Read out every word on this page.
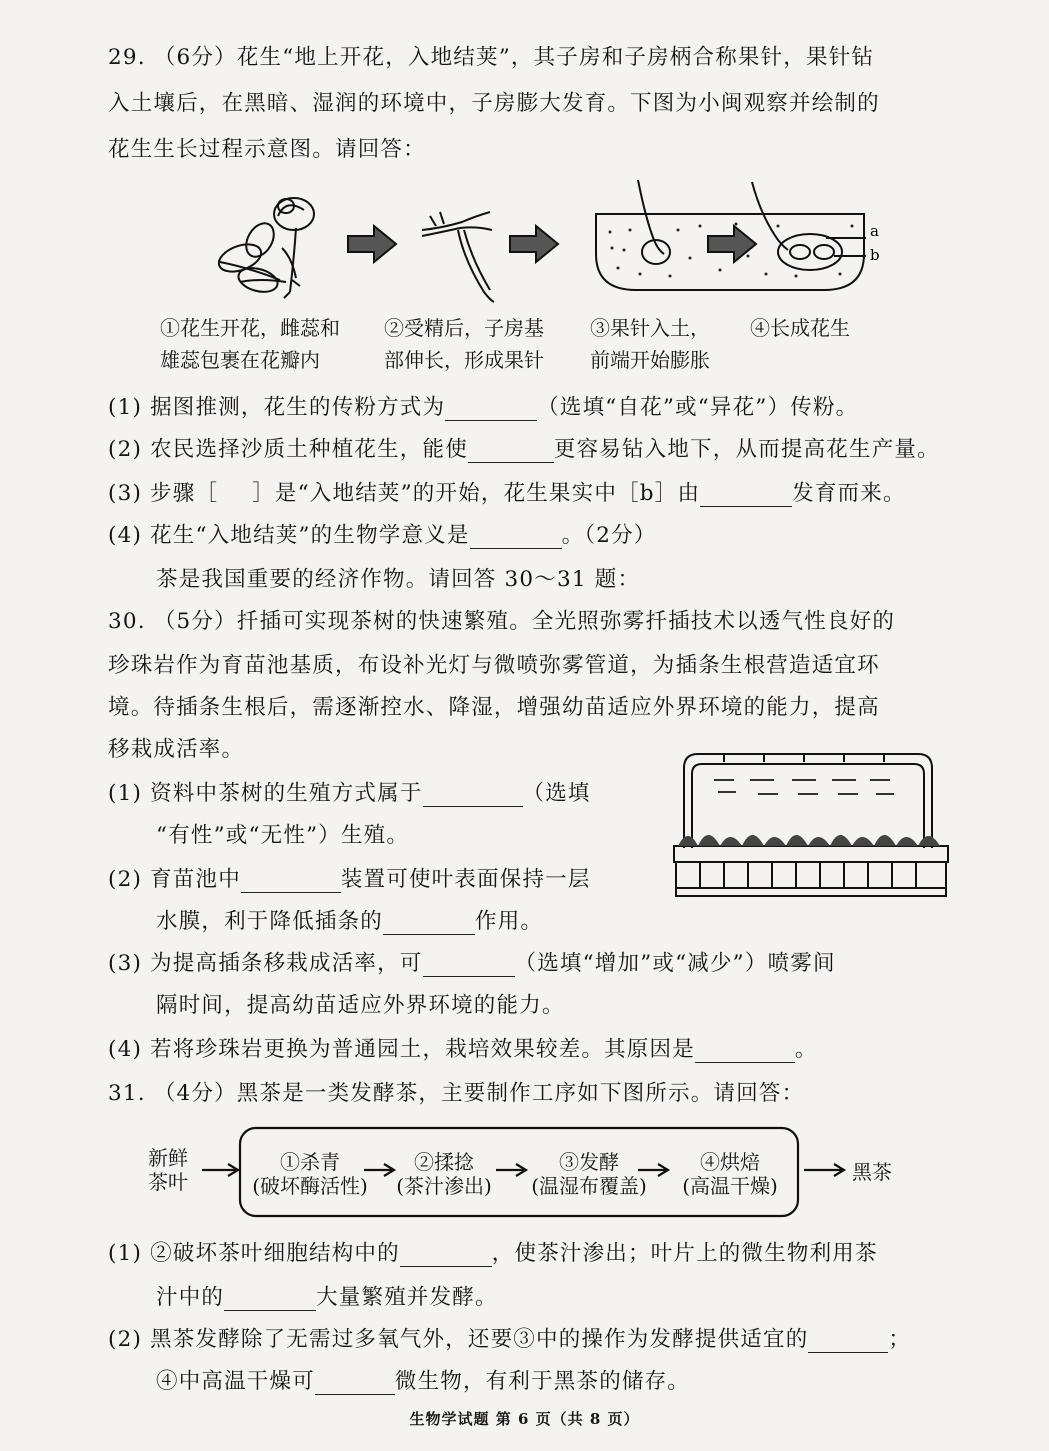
29. （6分）花生“地上开花，入地结荚”，其子房和子房柄合称果针，果针钻
入土壤后，在黑暗、湿润的环境中，子房膨大发育。下图为小闽观察并绘制的
花生生长过程示意图。请回答：
a
b
①花生开花，雌蕊和
雄蕊包裹在花瓣内
②受精后，子房基
部伸长，形成果针
③果针入土，
前端开始膨胀
④长成花生
(1) 据图推测，花生的传粉方式为	（选填“自花”或“异花”）传粉。
(2) 农民选择沙质土种植花生，能使	更容易钻入地下，从而提高花生产量。
(3) 步骤［ ］是“入地结荚”的开始，花生果实中［b］由	发育而来。
(4) 花生“入地结荚”的生物学意义是	。（2分）
茶是我国重要的经济作物。请回答 30～31 题：
30. （5分）扦插可实现茶树的快速繁殖。全光照弥雾扦插技术以透气性良好的
珍珠岩作为育苗池基质，布设补光灯与微喷弥雾管道，为插条生根营造适宜环
境。待插条生根后，需逐渐控水、降湿，增强幼苗适应外界环境的能力，提高
移栽成活率。
(1) 资料中茶树的生殖方式属于	（选填
“有性”或“无性”）生殖。
(2) 育苗池中	装置可使叶表面保持一层
水膜，利于降低插条的	作用。
(3) 为提高插条移栽成活率，可	（选填“增加”或“减少”）喷雾间
隔时间，提高幼苗适应外界环境的能力。
(4) 若将珍珠岩更换为普通园土，栽培效果较差。其原因是	。
31. （4分）黑茶是一类发酵茶，主要制作工序如下图所示。请回答：
新鲜
茶叶
①杀青
(破坏酶活性)
②揉捻
(茶汁渗出)
③发酵
(温湿布覆盖)
④烘焙
(高温干燥)
黑茶
(1) ②破坏茶叶细胞结构中的	，使茶汁渗出；叶片上的微生物利用茶
汁中的	大量繁殖并发酵。
(2) 黑茶发酵除了无需过多氧气外，还要③中的操作为发酵提供适宜的	；
④中高温干燥可	微生物，有利于黑茶的储存。
生物学试题 第 6 页（共 8 页）
